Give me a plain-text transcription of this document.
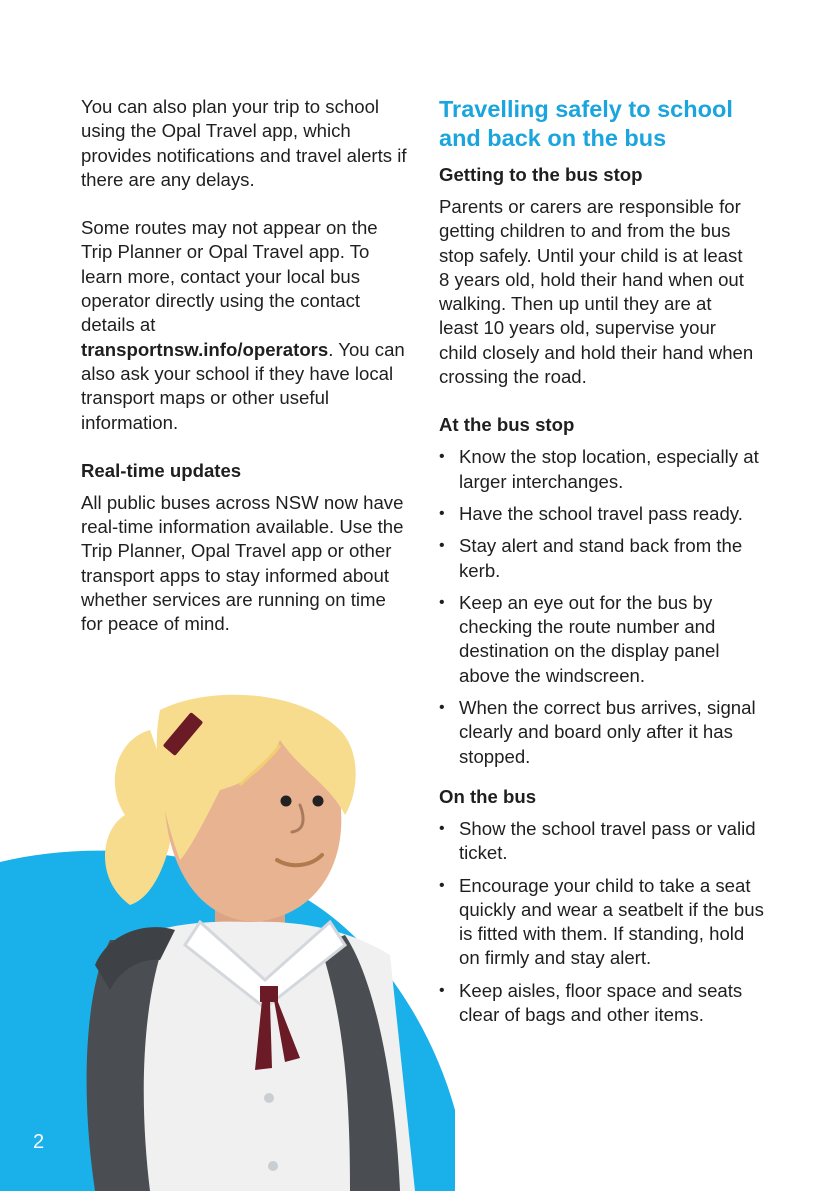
You can also plan your trip to school using the Opal Travel app, which provides notifications and travel alerts if there are any delays.

Some routes may not appear on the Trip Planner or Opal Travel app. To learn more, contact your local bus operator directly using the contact details at transportnsw.info/operators. You can also ask your school if they have local transport maps or other useful information.

Real-time updates

All public buses across NSW now have real-time information available. Use the Trip Planner, Opal Travel app or other transport apps to stay informed about whether services are running on time for peace of mind.

Travelling safely to school and back on the bus
Getting to the bus stop

Parents or carers are responsible for getting children to and from the bus stop safely. Until your child is at least 8 years old, hold their hand when out walking. Then up until they are at least 10 years old, supervise your child closely and hold their hand when crossing the road.

At the bus stop
• Know the stop location, especially at larger interchanges.
• Have the school travel pass ready.
• Stay alert and stand back from the kerb.
• Keep an eye out for the bus by checking the route number and destination on the display panel above the windscreen.
• When the correct bus arrives, signal clearly and board only after it has stopped.
On the bus
• Show the school travel pass or valid ticket.
• Encourage your child to take a seat quickly and wear a seatbelt if the bus is fitted with them. If standing, hold on firmly and stay alert.
• Keep aisles, floor space and seats clear of bags and other items.
2
